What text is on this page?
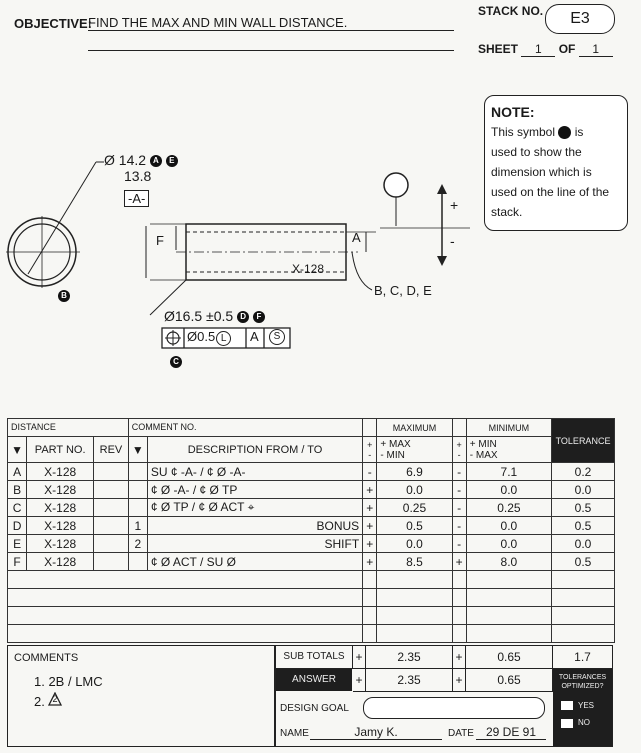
OBJECTIVE:
FIND THE MAX AND MIN WALL DISTANCE.
STACK NO.	E3
SHEET 1 OF 1
NOTE:
This symbol is
used to show the
dimension which is
used on the line of the
stack.
Ø 14.2 A E
13.8
-A-
F	A
X-128
B, C, D, E
+
-
B
Ø16.5 ±0.5 D F
Ø0.5 L	A	S
C
DISTANCE			COMMENT NO.			MAXIMUM		MINIMUM	TOLERANCE
▼	PART NO.	REV	▼	DESCRIPTION FROM / TO	+
-	+ MAX
- MIN	+
-	+ MIN
- MAX	
A	X-128			SU ¢ -A- / ¢ Ø -A-	-	6.9	-	7.1	0.2
B	X-128			¢ Ø -A- / ¢ Ø TP	+	0.0	-	0.0	0.0
C	X-128			¢ Ø TP / ¢ Ø ACT ⌖	+	0.25	-	0.25	0.5
D	X-128		1	BONUS	+	0.5	-	0.0	0.5
E	X-128		2	SHIFT	+	0.0	-	0.0	0.0
F	X-128			¢ Ø ACT / SU Ø	+	8.5	+	8.0	0.5

COMMENTS
1. 2B / LMC
2. 2
SUB TOTALS +	2.35	+	0.65	1.7
ANSWER	+	2.35	+	0.65	TOLERANCES OPTIMIZED?
YES
NO
DESIGN GOAL
NAME	Jamy K.	DATE	29 DE 91
